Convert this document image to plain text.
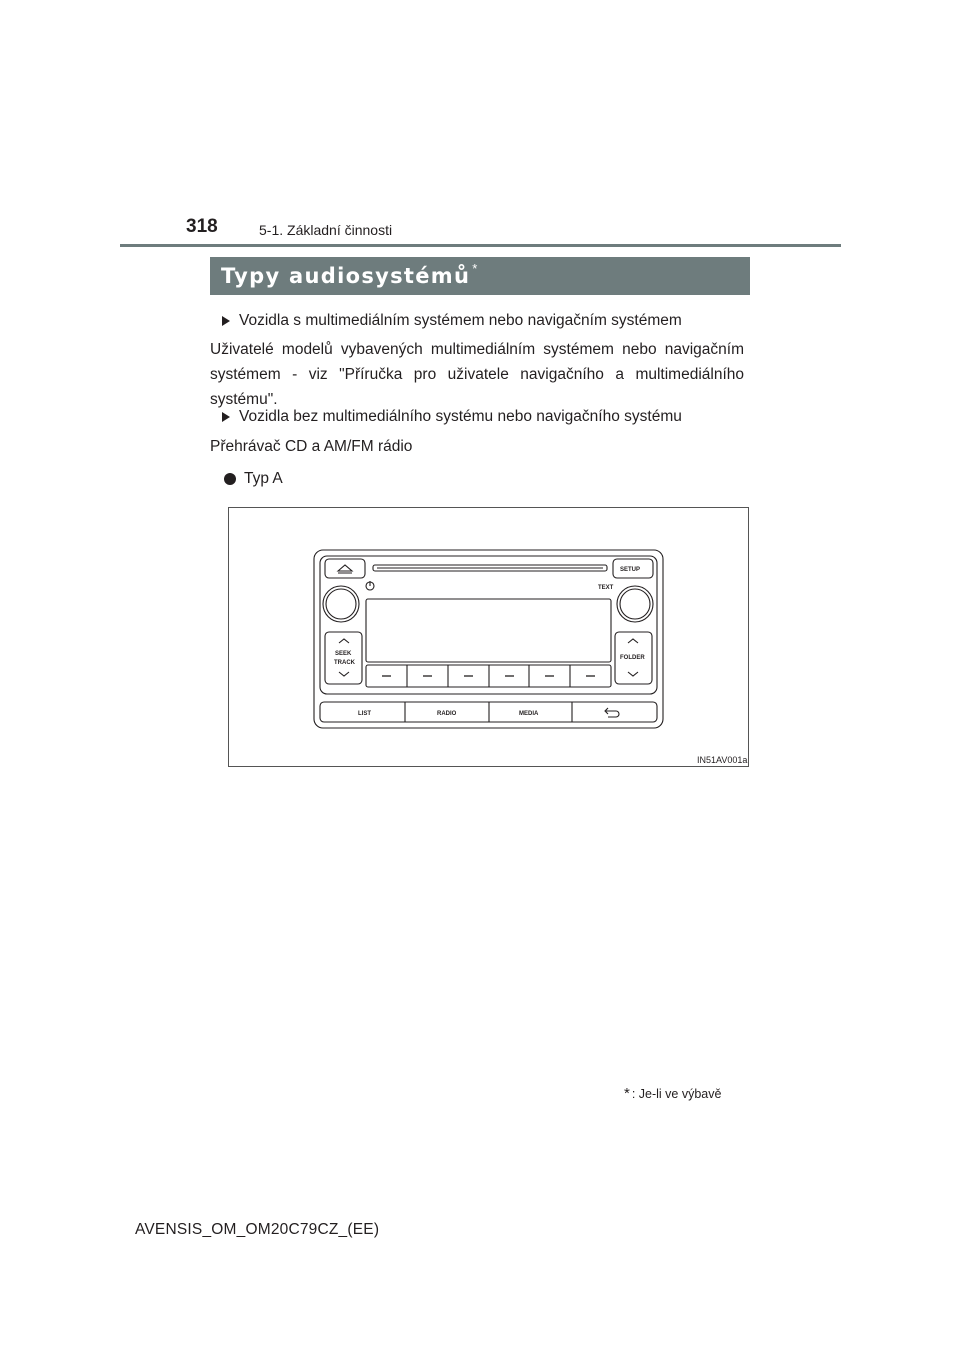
318	5-1. Základní činnosti
Typy audiosystémů *
Vozidla s multimediálním systémem nebo navigačním systémem
Uživatelé modelů vybavených multimediálním systémem nebo navigačním systémem - viz "Příručka pro uživatele navigačního a multimediálního systému".
Vozidla bez multimediálního systému nebo navigačního systému
Přehrávač CD a AM/FM rádio
Typ A
SETUP
TEXT
SEEK
TRACK
FOLDER
LIST	RADIO	MEDIA
IN51AV001a
* : Je-li ve výbavě
AVENSIS_OM_OM20C79CZ_(EE)
